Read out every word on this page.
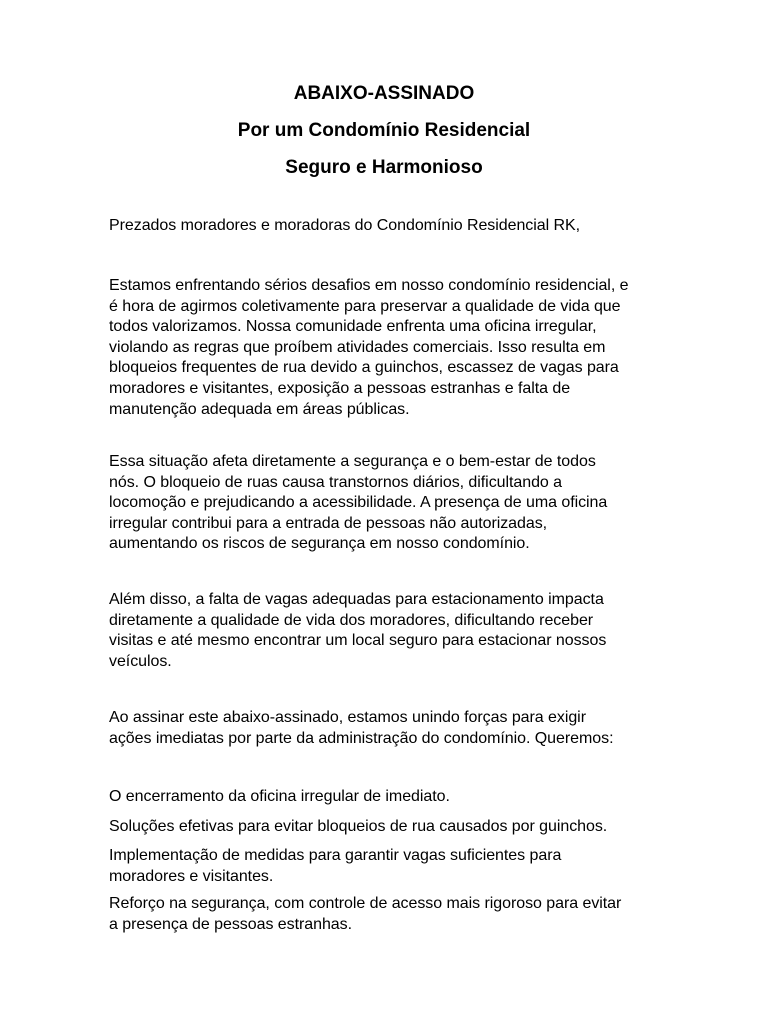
ABAIXO-ASSINADO
Por um Condomínio Residencial
Seguro e Harmonioso
Prezados moradores e moradoras do Condomínio Residencial RK,
Estamos enfrentando sérios desafios em nosso condomínio residencial, e
é hora de agirmos coletivamente para preservar a qualidade de vida que
todos valorizamos. Nossa comunidade enfrenta uma oficina irregular,
violando as regras que proíbem atividades comerciais. Isso resulta em
bloqueios frequentes de rua devido a guinchos, escassez de vagas para
moradores e visitantes, exposição a pessoas estranhas e falta de
manutenção adequada em áreas públicas.
Essa situação afeta diretamente a segurança e o bem-estar de todos
nós. O bloqueio de ruas causa transtornos diários, dificultando a
locomoção e prejudicando a acessibilidade. A presença de uma oficina
irregular contribui para a entrada de pessoas não autorizadas,
aumentando os riscos de segurança em nosso condomínio.
Além disso, a falta de vagas adequadas para estacionamento impacta
diretamente a qualidade de vida dos moradores, dificultando receber
visitas e até mesmo encontrar um local seguro para estacionar nossos
veículos.
Ao assinar este abaixo-assinado, estamos unindo forças para exigir
ações imediatas por parte da administração do condomínio. Queremos:
O encerramento da oficina irregular de imediato.
Soluções efetivas para evitar bloqueios de rua causados por guinchos.
Implementação de medidas para garantir vagas suficientes para
moradores e visitantes.
Reforço na segurança, com controle de acesso mais rigoroso para evitar
a presença de pessoas estranhas.
